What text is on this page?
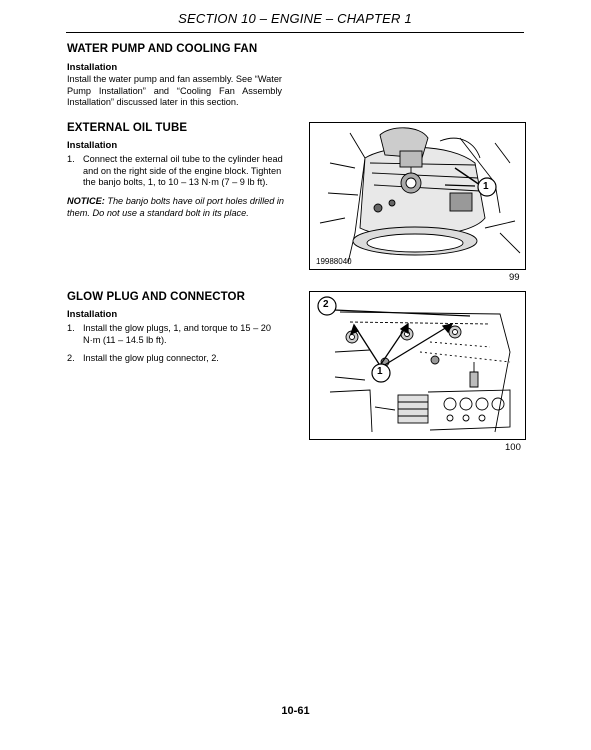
SECTION 10 – ENGINE – CHAPTER 1
WATER PUMP AND COOLING FAN
Installation
Install the water pump and fan assembly. See “Water Pump Installation” and “Cooling Fan Assembly Installation” discussed later in this section.
EXTERNAL OIL TUBE
Installation
1. Connect the external oil tube to the cylinder head and on the right side of the engine block. Tighten the banjo bolts, 1, to 10 – 13 N·m (7 – 9 lb ft).
NOTICE: The banjo bolts have oil port holes drilled in them. Do not use a standard bolt in its place.
1
19988040
99
GLOW PLUG AND CONNECTOR
Installation
1. Install the glow plugs, 1, and torque to 15 – 20 N·m (11 – 14.5 lb ft).
2. Install the glow plug connector, 2.
2
1
100
10-61
